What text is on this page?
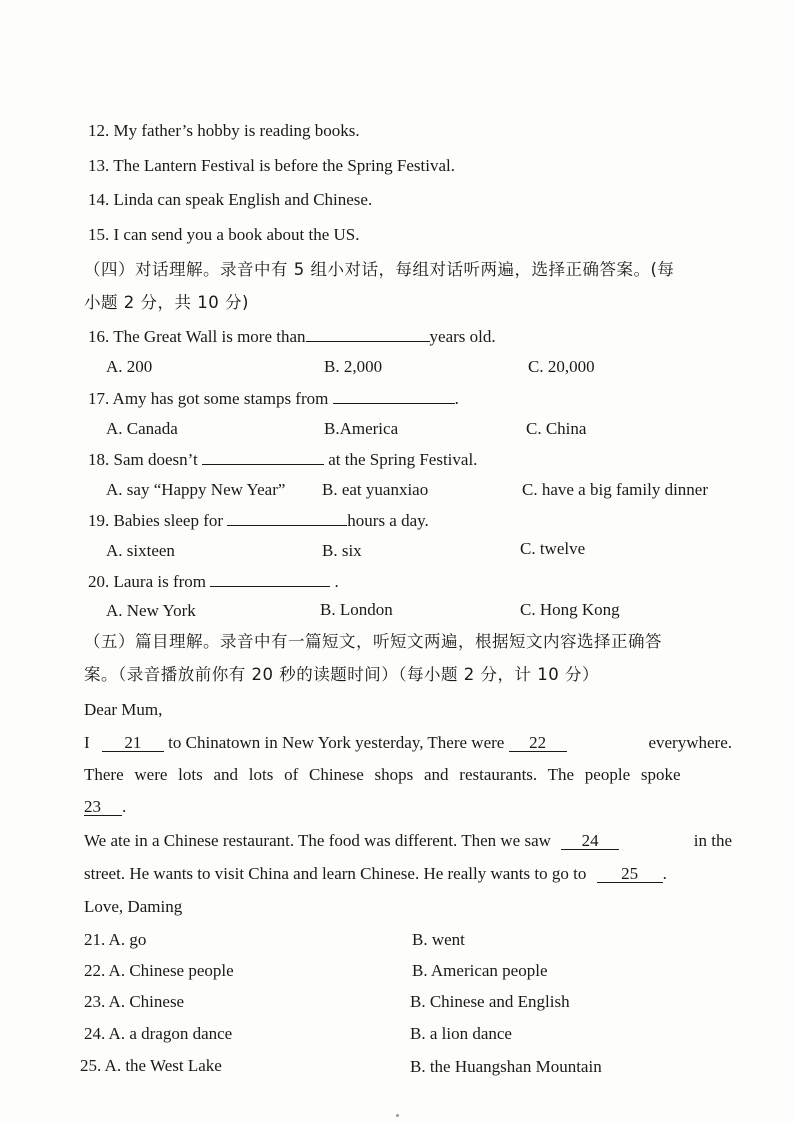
12. My father’s hobby is reading books.
13. The Lantern Festival is before the Spring Festival.
14. Linda can speak English and Chinese.
15. I can send you a book about the US.
（四）对话理解。录音中有 5 组小对话，每组对话听两遍，选择正确答案。(每
小题 2 分，共 10 分)
16. The Great Wall is more than	years old.
A. 200	B. 2,000	C. 20,000
17. Amy has got some stamps from	.
A. Canada	B.America	C. China
18. Sam doesn’t	at the Spring Festival.
A. say “Happy New Year” B. eat yuanxiao	C. have a big family dinner
19. Babies sleep for	hours a day.
A. sixteen	B. six	C. twelve
20. Laura is from	.
A. New York	B. London	C. Hong Kong
（五）篇目理解。录音中有一篇短文，听短文两遍，根据短文内容选择正确答
案。（录音播放前你有 20 秒的读题时间）（每小题 2 分，计 10 分）
Dear Mum,
I 21 to Chinatown in New York yesterday, There were 22	everywhere.
There were lots and lots of Chinese shops and restaurants. The people spoke
23 .
We ate in a Chinese restaurant. The food was different. Then we saw 24	in the
street. He wants to visit China and learn Chinese. He really wants to go to 25 .
Love, Daming
21. A. go	B. went
22. A. Chinese people	B. American people
23. A. Chinese	B. Chinese and English
24. A. a dragon dance	B. a lion dance
25. A. the West Lake	B. the Huangshan Mountain
